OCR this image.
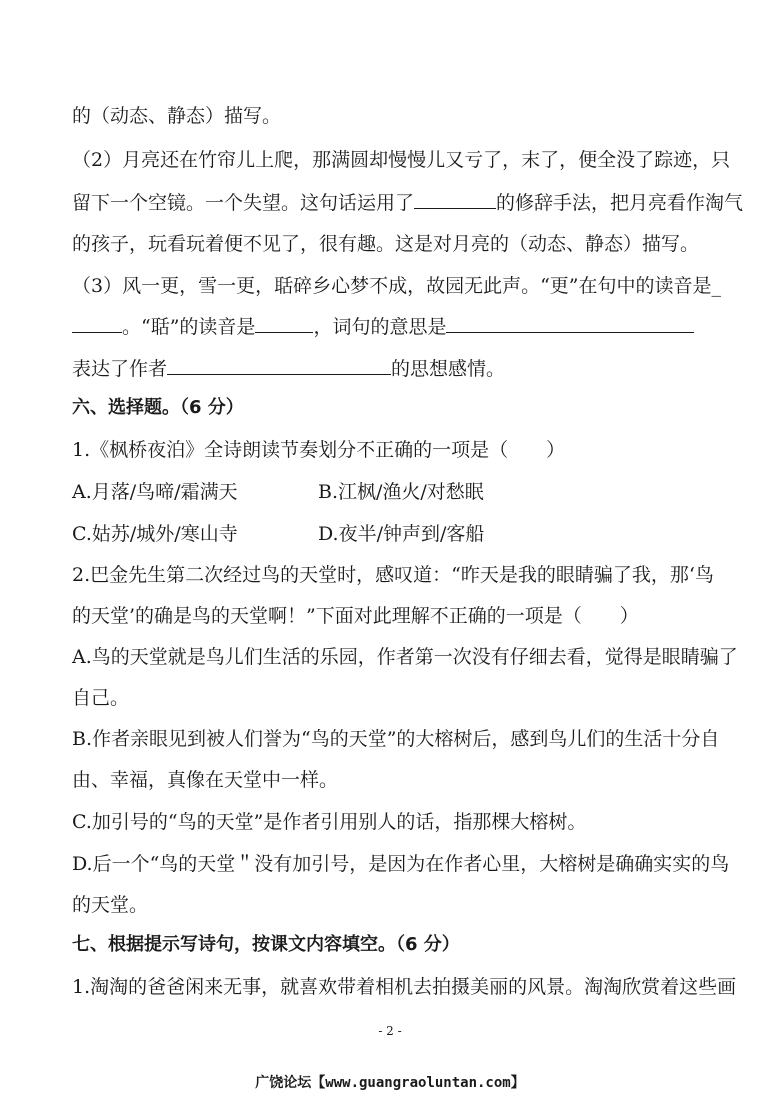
的（动态、静态）描写。
（2）月亮还在竹帘儿上爬，那满圆却慢慢儿又亏了，末了，便全没了踪迹，只
留下一个空镜。一个失望。这句话运用了	的修辞手法，把月亮看作淘气
的孩子，玩看玩着便不见了，很有趣。这是对月亮的（动态、静态）描写。
（3）风一更，雪一更，聒碎乡心梦不成，故园无此声。“更”在句中的读音是_
。“聒”的读音是	，词句的意思是
表达了作者	的思想感情。
六、选择题。（6 分）
1.《枫桥夜泊》全诗朗读节奏划分不正确的一项是（　　）
A.月落/鸟啼/霜满天	B.江枫/渔火/对愁眠
C.姑苏/城外/寒山寺	D.夜半/钟声到/客船
2.巴金先生第二次经过鸟的天堂时，感叹道：“昨天是我的眼睛骗了我，那‘鸟
的天堂’的确是鸟的天堂啊！”下面对此理解不正确的一项是（　　）
A.鸟的天堂就是鸟儿们生活的乐园，作者第一次没有仔细去看，觉得是眼睛骗了
自己。
B.作者亲眼见到被人们誉为“鸟的天堂”的大榕树后，感到鸟儿们的生活十分自
由、幸福，真像在天堂中一样。
C.加引号的“鸟的天堂”是作者引用别人的话，指那棵大榕树。
D.后一个“鸟的天堂＂没有加引号，是因为在作者心里，大榕树是确确实实的鸟
的天堂。
七、根据提示写诗句，按课文内容填空。（6 分）
1.淘淘的爸爸闲来无事，就喜欢带着相机去拍摄美丽的风景。淘淘欣赏着这些画
- 2 -
广饶论坛【www.guangraoluntan.com】
